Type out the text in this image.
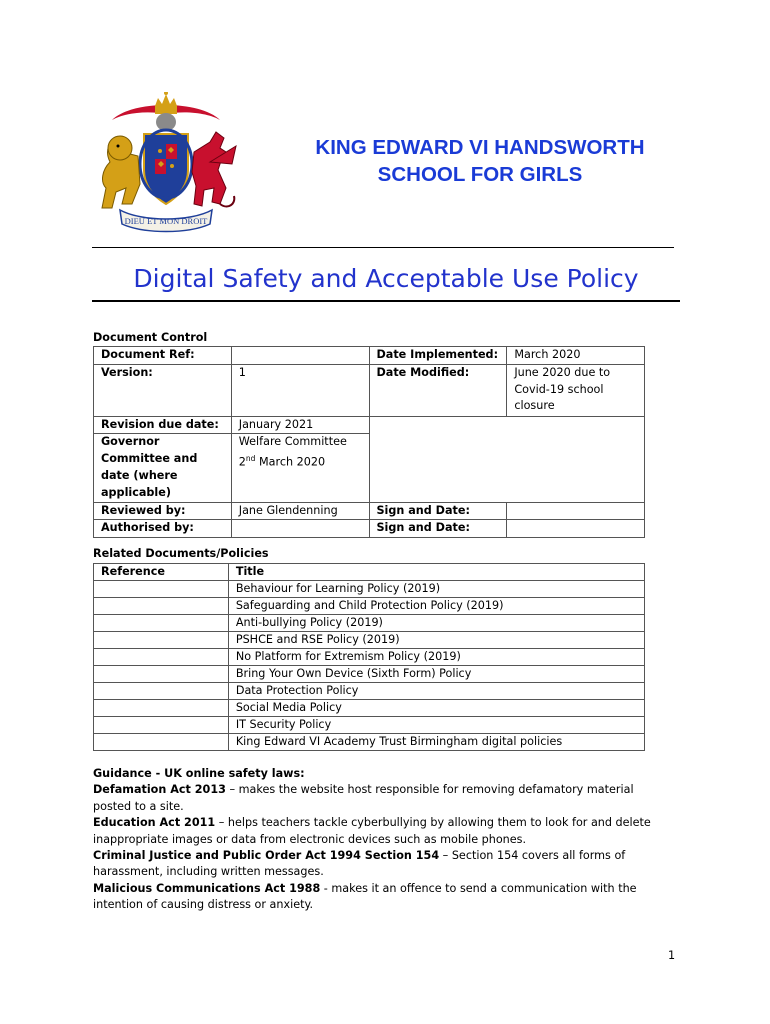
DIEU ET MON DROIT
KING EDWARD VI HANDSWORTH
SCHOOL FOR GIRLS
Digital Safety and Acceptable Use Policy
Document Control
Document Ref:		Date Implemented:	March 2020
Version:	1	Date Modified:	June 2020 due to Covid-19 school closure
Revision due date:	January 2021		
Governor Committee and date (where applicable)	Welfare Committee
2nd March 2020		

Reviewed by:	Jane Glendenning	Sign and Date:	
Authorised by:		Sign and Date:	
Related Documents/Policies
Reference	Title
	Behaviour for Learning Policy (2019)
	Safeguarding and Child Protection Policy (2019)
	Anti-bullying Policy (2019)
	PSHCE and RSE Policy (2019)
	No Platform for Extremism Policy (2019)
	Bring Your Own Device (Sixth Form) Policy
	Data Protection Policy
	Social Media Policy
	IT Security Policy
	King Edward VI Academy Trust Birmingham digital policies

Guidance - UK online safety laws:

Defamation Act 2013 – makes the website host responsible for removing defamatory material posted to a site.

Education Act 2011 – helps teachers tackle cyberbullying by allowing them to look for and delete inappropriate images or data from electronic devices such as mobile phones.

Criminal Justice and Public Order Act 1994 Section 154 – Section 154 covers all forms of harassment, including written messages.

Malicious Communications Act 1988 - makes it an offence to send a communication with the intention of causing distress or anxiety.

1
